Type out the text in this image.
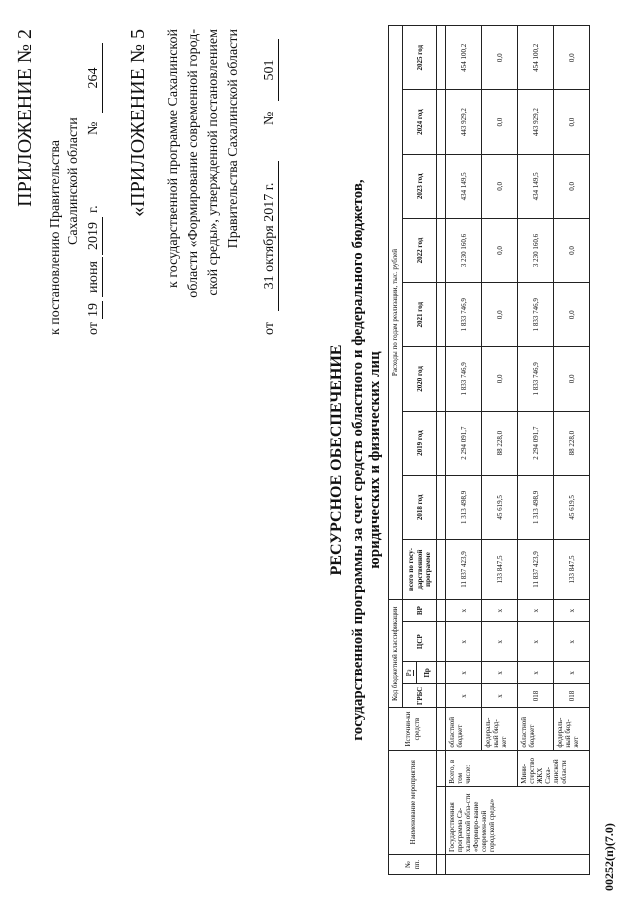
00252(п)(7.0)
ПРИЛОЖЕНИЕ № 2
к постановлению Правительства Сахалинской области
от
19
июня
2019
г.
№
264 «ПРИЛОЖЕНИЕ № 5 к государственной программе Сахалинской области «Формирование современной город- ской среды», утвержденной постановлением Правительства Сахалинской области
от
31 октября 2017 г.
№
501
РЕСУРСНОЕ ОБЕСПЕЧЕНИЕ государственной программы за счет средств областного и федерального бюджетов, юридических и физических лиц
№ пп.	Наименование мероприятия		Источни-ки средств	Код бюджетной классификации				Расходы по годам реализации, тыс. рублей								
				ГРБС	Рз	ЦСР	ВР	всего по госу-дарственной программе	2018 год	2019 год	2020 год	2021 год	2022 год	2023 год	2024 год	2025 год
					Пр											

	Государственная программа Са-халинской обла-сти «Формиро-вание современ-ной городской среды»	Всего, в том числе:	областной бюджет	x	x	x	x	11 837 423,9	1 313 498,9	2 294 091,7	1 833 746,9	1 833 746,9	3 230 160,6	434 149,5	443 929,2	454 100,2
			федераль-ный бюд-жет	x	x	x	x	133 847,5	45 619,5	88 228,0	0,0	0,0	0,0	0,0	0,0	0,0
		Мини-стерство ЖКХ Саха-линской области	областной бюджет	018	x	x	x	11 837 423,9	1 313 498,9	2 294 091,7	1 833 746,9	1 833 746,9	3 230 160,6	434 149,5	443 929,2	454 100,2
			федераль-ный бюд-жет	018	x	x	x	133 847,5	45 619,5	88 228,0	0,0	0,0	0,0	0,0	0,0	0,0
